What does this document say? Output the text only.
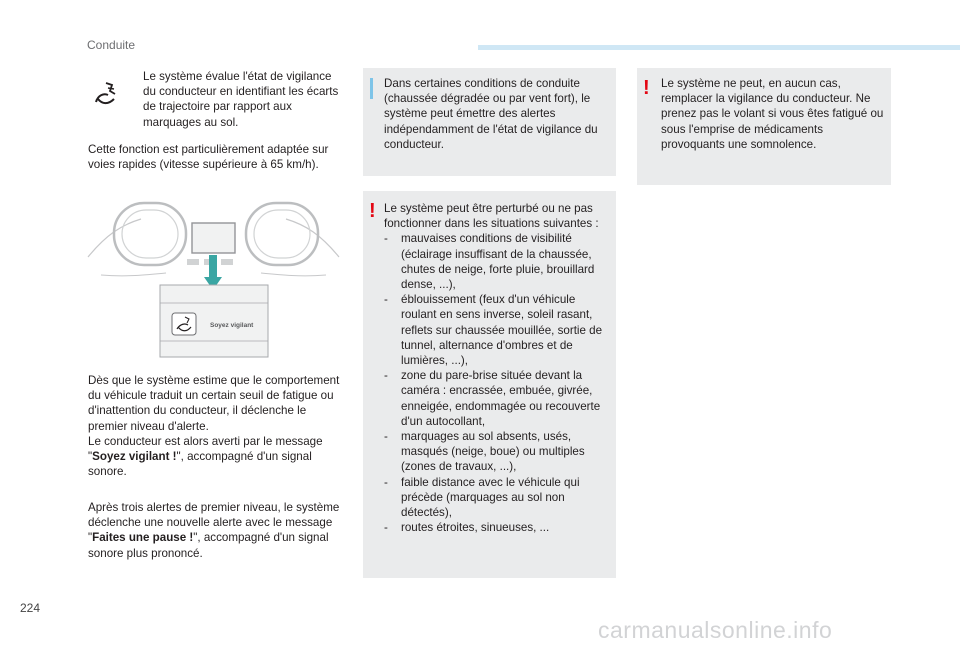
Conduite
Le système évalue l'état de vigilance du conducteur en identifiant les écarts de trajectoire par rapport aux marquages au sol.
Cette fonction est particulièrement adaptée sur voies rapides (vitesse supérieure à 65 km/h).
Soyez vigilant
Dès que le système estime que le comportement du véhicule traduit un certain seuil de fatigue ou d'inattention du conducteur, il déclenche le premier niveau d'alerte.
Le conducteur est alors averti par le message "Soyez vigilant !", accompagné d'un signal sonore.
Après trois alertes de premier niveau, le système déclenche une nouvelle alerte avec le message "Faites une pause !", accompagné d'un signal sonore plus prononcé.
Dans certaines conditions de conduite (chaussée dégradée ou par vent fort), le système peut émettre des alertes indépendamment de l'état de vigilance du conducteur.
! Le système peut être perturbé ou ne pas fonctionner dans les situations suivantes :
- mauvaises conditions de visibilité (éclairage insuffisant de la chaussée, chutes de neige, forte pluie, brouillard dense, ...),
- éblouissement (feux d'un véhicule roulant en sens inverse, soleil rasant, reflets sur chaussée mouillée, sortie de tunnel, alternance d'ombres et de lumières, ...),
- zone du pare-brise située devant la caméra : encrassée, embuée, givrée, enneigée, endommagée ou recouverte d'un autocollant,
- marquages au sol absents, usés, masqués (neige, boue) ou multiples (zones de travaux, ...),
- faible distance avec le véhicule qui précède (marquages au sol non détectés),
- routes étroites, sinueuses, ...
! Le système ne peut, en aucun cas, remplacer la vigilance du conducteur. Ne prenez pas le volant si vous êtes fatigué ou sous l'emprise de médicaments provoquants une somnolence.
224
carmanualsonline.info
